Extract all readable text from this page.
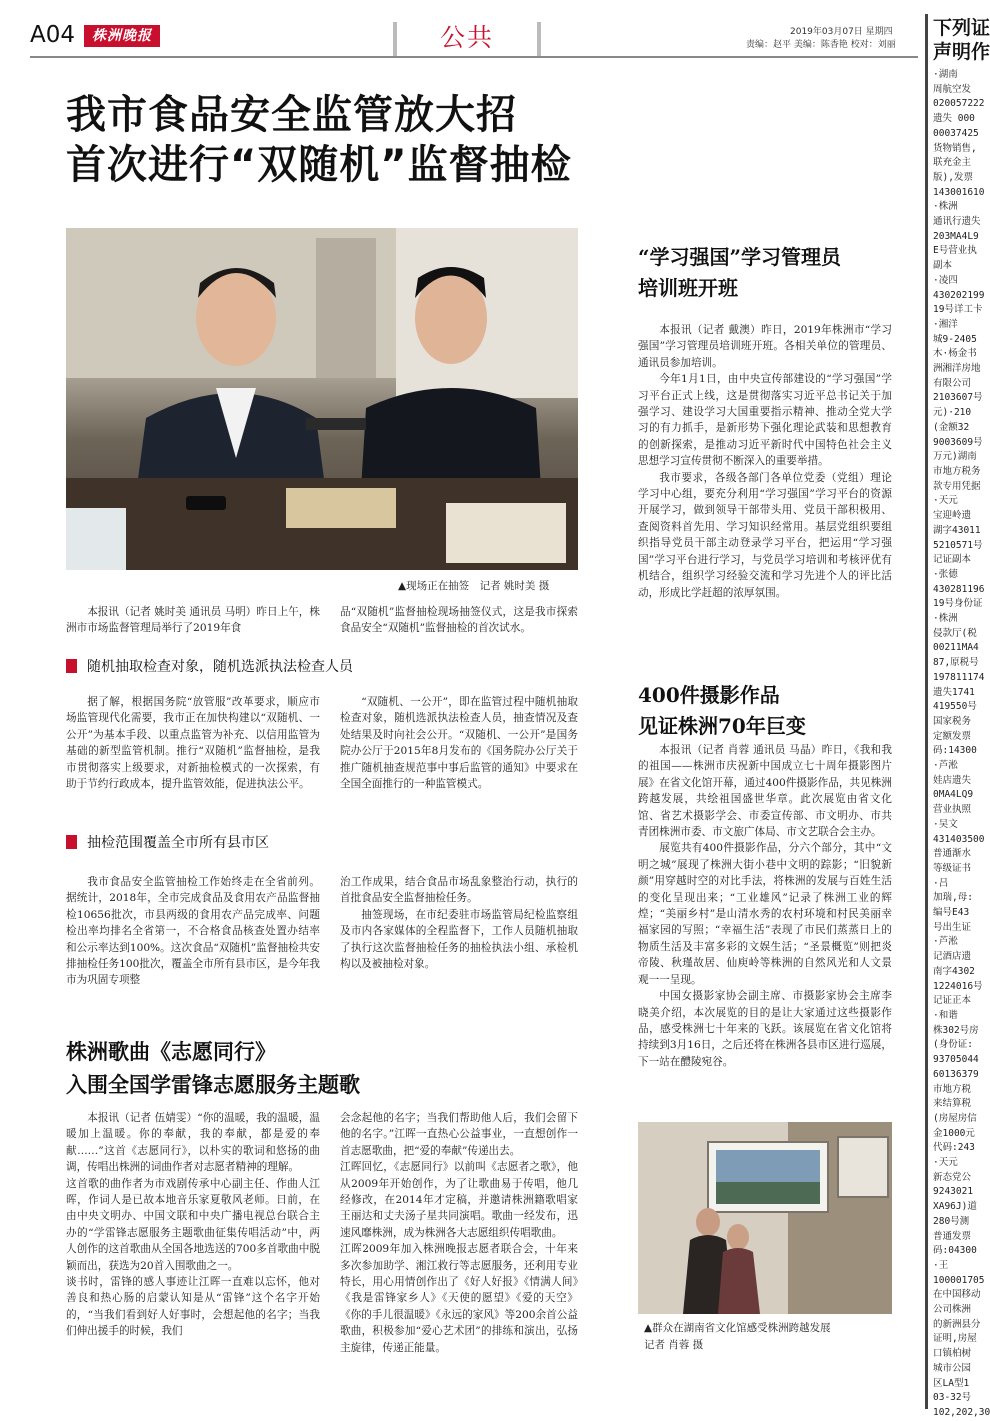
A04	株洲晚报	公共	2019年03月07日 星期四
责编：赵平 美编：陈香艳 校对：刘丽
下列证
声明作
·湖南
周航空发
020057222
遗失 000
00037425
货物销售,
联充金主
版),发票
143001610
·株洲
通讯行遗失
203MA4L9
E号营业执
副本
·凌四
430202199
19号详工卡
·湘洋
城9-2405
木·杨金书
洲湘洋房地
有限公司
2103607号
元)·210
(金额32
9003609号
万元)湖南
市地方税务
款专用凭据
·天元
宝迎岭遗
湖字43011
5210571号
记证副本
·张德
430281196
19号身份证
·株洲
侵款厅(税
00211MA4
87,原税号
197811174
遗失1741
419550号
国家税务
定额发票
码:14300
·芦淞
娃店遗失
0MA4LQ9
营业执照
·吴文
431403500
普通渐水
等级证书
·吕
加瑞,母:
编号E43
号出生证
·芦淞
记酒店遗
南字4302
1224016号
记证正本
·和谐
株302号房
(身份证:
93705044
60136379
市地方税
来结算税
(房屋房信
金1000元
代码:243
·天元
新态党公
9243021
XA96J)道
280号测
普通发票
码:04300
·王
100001705
在中国移动
公司株洲
的新洲县分
证明,房屋
口镇柏树
城市公园
区LA型1
03-32号
102,202,30
我市食品安全监管放大招
首次进行“双随机”监督抽检
▲现场正在抽签　记者 姚时美 摄
本报讯（记者 姚时美 通讯员 马明）昨日上午，株洲市市场监督管理局举行了2019年食
品“双随机”监督抽检现场抽签仪式，这是我市探索食品安全“双随机”监督抽检的首次试水。
随机抽取检查对象，随机选派执法检查人员
据了解，根据国务院“放管服”改革要求，顺应市场监管现代化需要，我市正在加快构建以“双随机、一公开”为基本手段、以重点监管为补充、以信用监管为基础的新型监管机制。推行“双随机”监督抽检，是我市贯彻落实上级要求，对新抽检模式的一次探索，有助于节约行政成本，提升监管效能，促进执法公平。
“双随机、一公开”，即在监管过程中随机抽取检查对象，随机选派执法检查人员，抽查情况及查处结果及时向社会公开。“双随机、一公开”是国务院办公厅于2015年8月发布的《国务院办公厅关于推广随机抽查规范事中事后监管的通知》中要求在全国全面推行的一种监管模式。
抽检范围覆盖全市所有县市区
我市食品安全监管抽检工作始终走在全省前列。据统计，2018年，全市完成食品及食用农产品监督抽检10656批次，市县两级的食用农产品完成率、问题检出率均排名全省第一，不合格食品核查处置办结率和公示率达到100%。这次食品“双随机”监督抽检共安排抽检任务100批次，覆盖全市所有县市区，是今年我市为巩固专项整

治工作成果，结合食品市场乱象整治行动，执行的首批食品安全监督抽检任务。

抽签现场，在市纪委驻市场监管局纪检监察组及市内各家媒体的全程监督下，工作人员随机抽取了执行这次监督抽检任务的抽检执法小组、承检机构以及被抽检对象。

“学习强国”学习管理员
培训班开班

本报讯（记者 戴澳）昨日，2019年株洲市“学习强国”学习管理员培训班开班。各相关单位的管理员、通讯员参加培训。

今年1月1日，由中央宣传部建设的“学习强国”学习平台正式上线，这是贯彻落实习近平总书记关于加强学习、建设学习大国重要指示精神、推动全党大学习的有力抓手，是新形势下强化理论武装和思想教育的创新探索，是推动习近平新时代中国特色社会主义思想学习宣传贯彻不断深入的重要举措。

我市要求，各级各部门各单位党委（党组）理论学习中心组，要充分利用“学习强国”学习平台的资源开展学习，做到领导干部带头用、党员干部积极用、查阅资料首先用、学习知识经常用。基层党组织要组织指导党员干部主动登录学习平台，把运用“学习强国”学习平台进行学习，与党员学习培训和考核评优有机结合，组织学习经验交流和学习先进个人的评比活动，形成比学赶超的浓厚氛围。

400件摄影作品
见证株洲70年巨变

本报讯（记者 肖蓉 通讯员 马晶）昨日，《我和我的祖国——株洲市庆祝新中国成立七十周年摄影图片展》在省文化馆开幕，通过400件摄影作品，共见株洲跨越发展，共绘祖国盛世华章。此次展览由省文化馆、省艺术摄影学会、市委宣传部、市文明办、市共青团株洲市委、市文旅广体局、市文艺联合会主办。

展览共有400件摄影作品，分六个部分，其中“文明之城”展现了株洲大街小巷中文明的踪影；“旧貌新颜”用穿越时空的对比手法，将株洲的发展与百姓生活的变化呈现出来；“工业雄风”记录了株洲工业的辉煌；“美丽乡村”是山清水秀的农村环境和村民美丽幸福家园的写照；“幸福生活”表现了市民们蒸蒸日上的物质生活及丰富多彩的文娱生活；“圣景概览”则把炎帝陵、秋瑾故居、仙庾岭等株洲的自然风光和人文景观一一呈现。

中国女摄影家协会副主席、市摄影家协会主席李晓美介绍，本次展览的目的是让大家通过这些摄影作品，感受株洲七十年来的飞跃。该展览在省文化馆将持续到3月16日，之后还将在株洲各县市区进行巡展，下一站在醴陵宛谷。

▲群众在湖南省文化馆感受株洲跨越发展
记者 肖蓉 摄
株洲歌曲《志愿同行》
入围全国学雷锋志愿服务主题歌
本报讯（记者 伍婧雯）“你的温暖，我的温暖，温暖加上温暖。你的奉献，我的奉献，都是爱的奉献……”这首《志愿同行》，以朴实的歌词和悠扬的曲调，传唱出株洲的词曲作者对志愿者精神的理解。
这首歌的曲作者为市戏剧传承中心副主任、作曲人江晖，作词人是已故本地音乐家夏敬风老师。日前，在由中央文明办、中国文联和中央广播电视总台联合主办的“学雷锋志愿服务主题歌曲征集传唱活动”中，两人创作的这首歌曲从全国各地选送的700多首歌曲中脱颖而出，获选为20首入围歌曲之一。
谈书时，雷锋的感人事迹让江晖一直难以忘怀，他对善良和热心肠的启蒙认知是从“雷锋”这个名字开始的，“当我们看到好人好事时，会想起他的名字；当我们伸出援手的时候，我们
会念起他的名字；当我们帮助他人后，我们会留下他的名字。”江晖一直热心公益事业，一直想创作一首志愿歌曲，把“爱的奉献”传递出去。
江晖回忆，《志愿同行》以前叫《志愿者之歌》，他从2009年开始创作，为了让歌曲易于传唱，他几经修改，在2014年才定稿，并邀请株洲籍歌唱家王丽达和丈夫汤子星共同演唱。歌曲一经发布，迅速风靡株洲，成为株洲各大志愿组织传唱歌曲。
江晖2009年加入株洲晚报志愿者联合会，十年来多次参加助学、湘江救行等志愿服务，还利用专业特长，用心用情创作出了《好人好报》《情满人间》《我是雷锋家乡人》《天使的愿望》《爱的天空》《你的手儿很温暖》《永远的家风》等200余首公益歌曲，积极参加“爱心艺术团”的排练和演出，弘扬主旋律，传递正能量。
